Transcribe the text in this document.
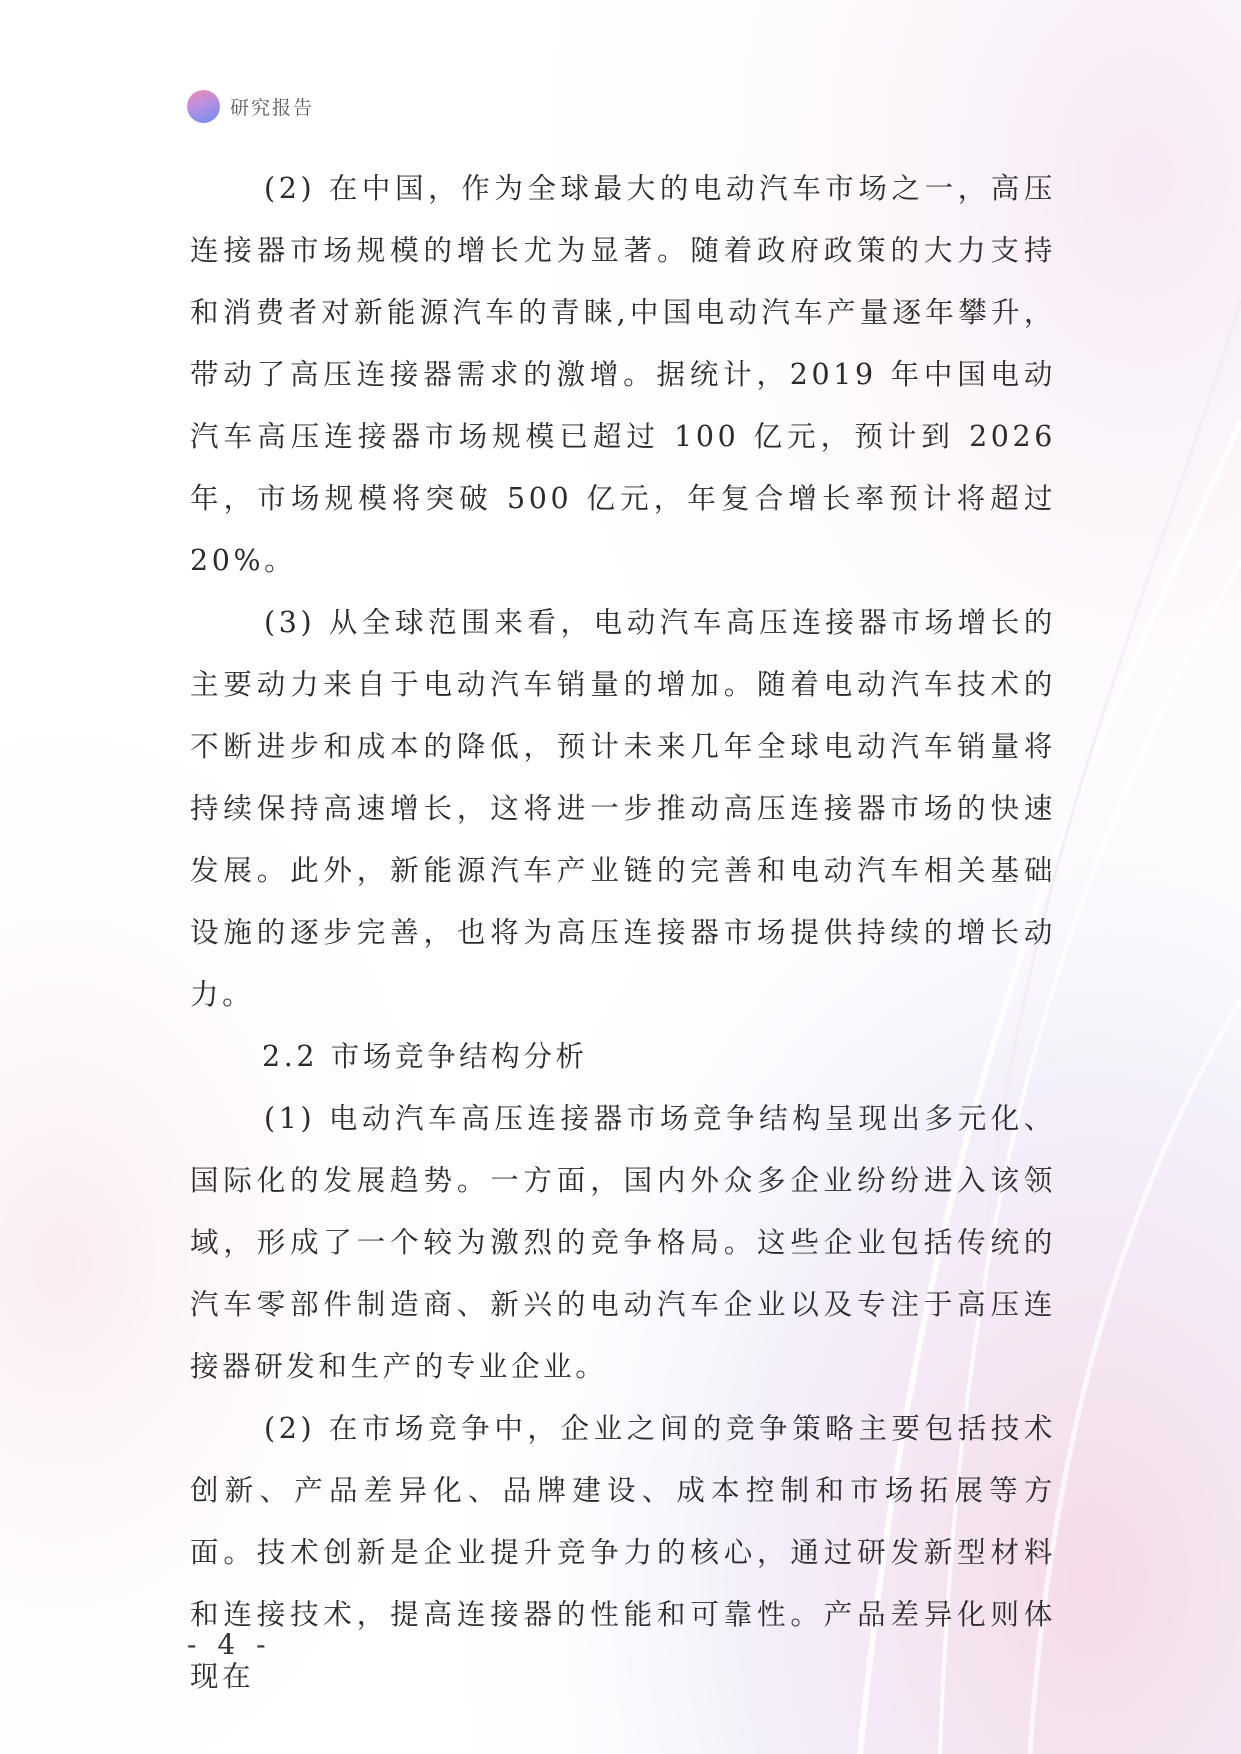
研究报告

(2) 在中国，作为全球最大的电动汽车市场之一，高压连接器市场规模的增长尤为显著。随着政府政策的大力支持和消费者对新能源汽车的青睐,中国电动汽车产量逐年攀升，带动了高压连接器需求的激增。据统计，2019 年中国电动汽车高压连接器市场规模已超过 100 亿元，预计到 2026 年，市场规模将突破 500 亿元，年复合增长率预计将超过 20%。

(3) 从全球范围来看，电动汽车高压连接器市场增长的主要动力来自于电动汽车销量的增加。随着电动汽车技术的不断进步和成本的降低，预计未来几年全球电动汽车销量将持续保持高速增长，这将进一步推动高压连接器市场的快速发展。此外，新能源汽车产业链的完善和电动汽车相关基础设施的逐步完善，也将为高压连接器市场提供持续的增长动力。

2.2 市场竞争结构分析

(1) 电动汽车高压连接器市场竞争结构呈现出多元化、国际化的发展趋势。一方面，国内外众多企业纷纷进入该领域，形成了一个较为激烈的竞争格局。这些企业包括传统的汽车零部件制造商、新兴的电动汽车企业以及专注于高压连接器研发和生产的专业企业。

(2) 在市场竞争中，企业之间的竞争策略主要包括技术创新、产品差异化、品牌建设、成本控制和市场拓展等方面。技术创新是企业提升竞争力的核心，通过研发新型材料和连接技术，提高连接器的性能和可靠性。产品差异化则体现在

- 4 -
